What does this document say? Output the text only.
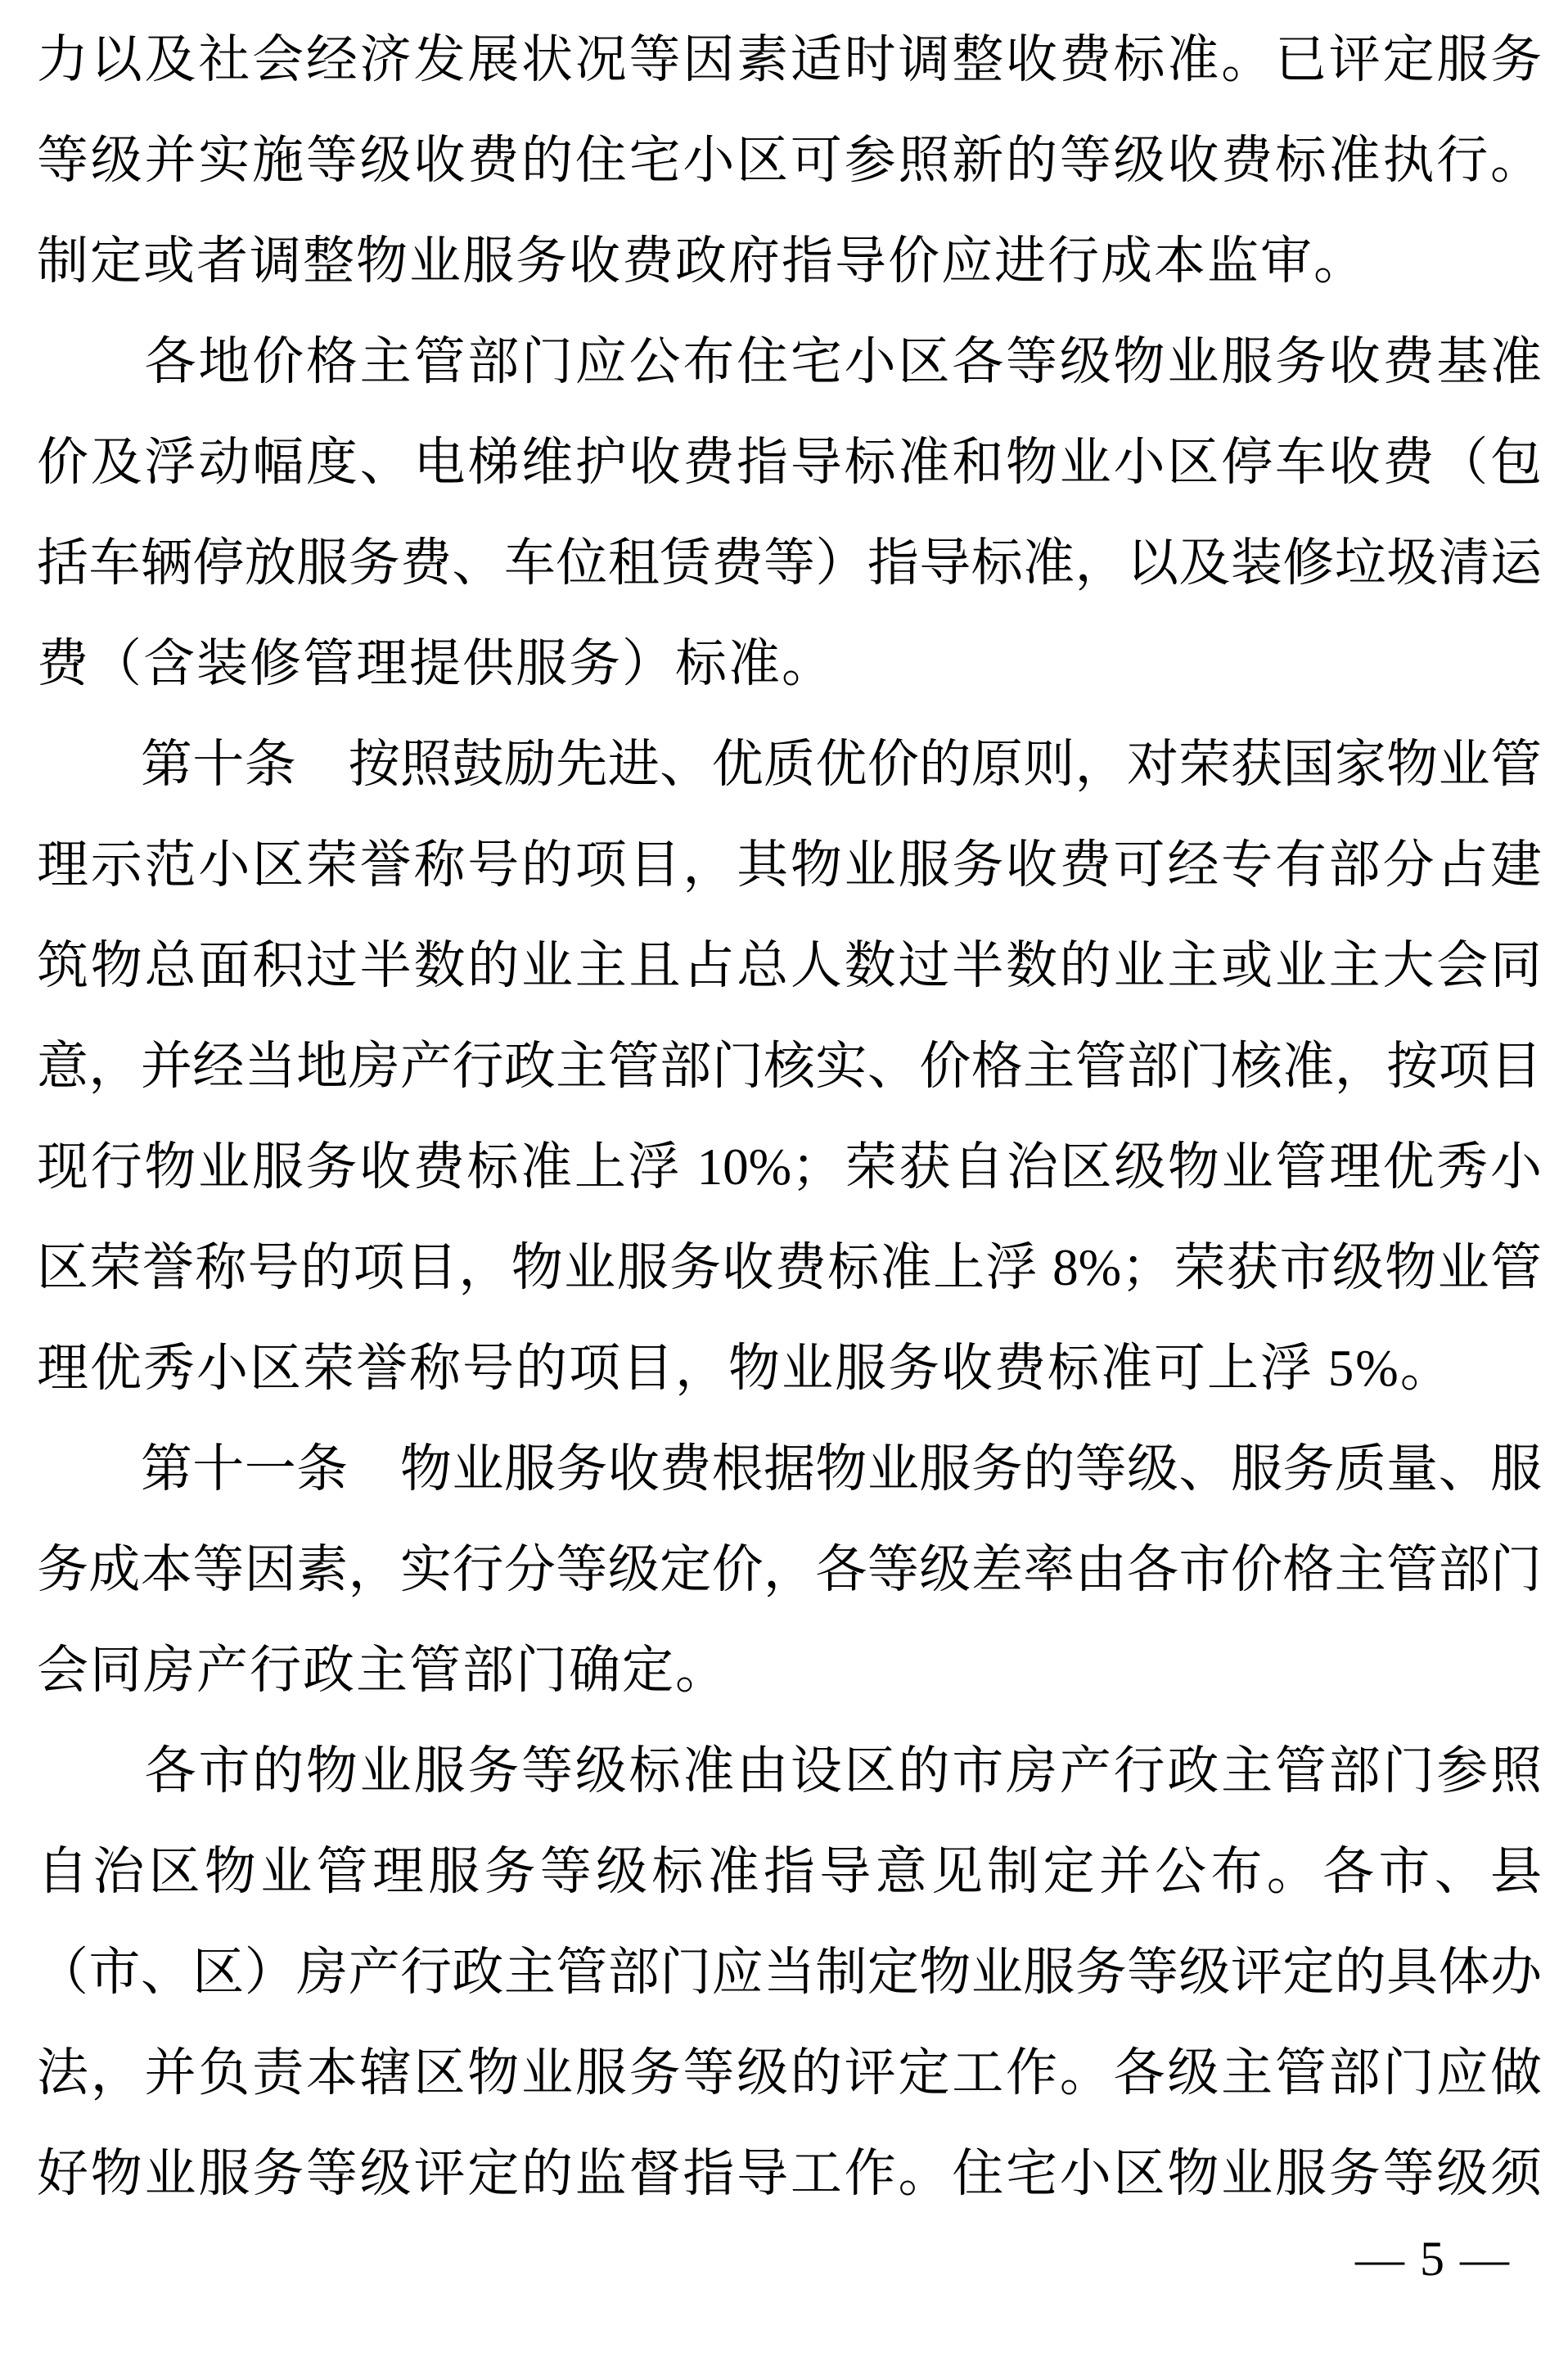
力以及社会经济发展状况等因素适时调整收费标准。已评定服务
等级并实施等级收费的住宅小区可参照新的等级收费标准执行。
制定或者调整物业服务收费政府指导价应进行成本监审。
　　各地价格主管部门应公布住宅小区各等级物业服务收费基准
价及浮动幅度、电梯维护收费指导标准和物业小区停车收费（包
括车辆停放服务费、车位租赁费等）指导标准，以及装修垃圾清运
费（含装修管理提供服务）标准。
　　第十条　按照鼓励先进、优质优价的原则，对荣获国家物业管
理示范小区荣誉称号的项目，其物业服务收费可经专有部分占建
筑物总面积过半数的业主且占总人数过半数的业主或业主大会同
意，并经当地房产行政主管部门核实、价格主管部门核准，按项目
现行物业服务收费标准上浮 10%；荣获自治区级物业管理优秀小
区荣誉称号的项目，物业服务收费标准上浮 8%；荣获市级物业管
理优秀小区荣誉称号的项目，物业服务收费标准可上浮 5%。
　　第十一条　物业服务收费根据物业服务的等级、服务质量、服
务成本等因素，实行分等级定价，各等级差率由各市价格主管部门
会同房产行政主管部门确定。
　　各市的物业服务等级标准由设区的市房产行政主管部门参照
自治区物业管理服务等级标准指导意见制定并公布。各市、县
（市、区）房产行政主管部门应当制定物业服务等级评定的具体办
法，并负责本辖区物业服务等级的评定工作。各级主管部门应做
好物业服务等级评定的监督指导工作。住宅小区物业服务等级须
— 5 —
